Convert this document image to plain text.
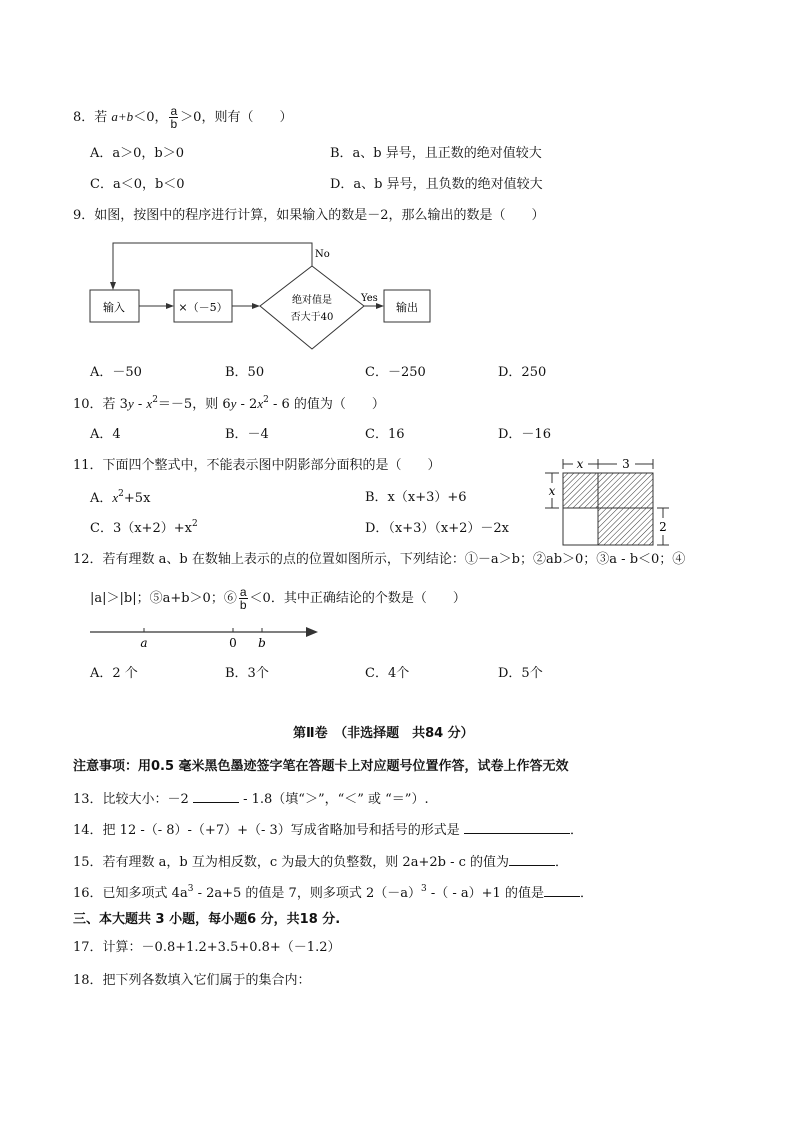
8．若 a+b＜0， $\frac{a}{b} >0$，则有（　　）
A．a＞0，b＞0	B．a、b 异号，且正数的绝对值较大
C．a＜0，b＜0	D．a、b 异号，且负数的绝对值较大
9．如图，按图中的程序进行计算，如果输入的数是－2，那么输出的数是（　　）
输入	×（－5）
绝对值是
否大于40
Yes
No
输出
A．－50	B．50	C．－250	D．250
10．若 $3y - x^2=-5$，则 $6y - 2x^2 - 6$ 的值为（　　）
A．4	B．－4	C．16	D．－16
11．下面四个整式中，不能表示图中阴影部分面积的是（　　）
A．$x^2+5x$	B．x（x+3）+6
C．$3(x+2)+x^2$	D．（x+3）（x+2）－2x
x	3
x
2
12．若有理数 a、b 在数轴上表示的点的位置如图所示，下列结论：①－a＞b；②ab＞0；③a - b＜0；④
|a|＞|b|；⑤a+b＞0；⑥ $\frac{a}{b} <0$．其中正确结论的个数是（　　）
a	0 b
A．2 个	B．3个	C．4个	D．5个
第Ⅱ卷　（非选择题　共84 分）
注意事项：用0.5 毫米黑色墨迹签字笔在答题卡上对应题号位置作答，试卷上作答无效
13．比较大小：－2	- 1.8（填“＞”，“＜” 或 “＝”）.
14．把 12 -（- 8）-（+7）+（- 3）写成省略加号和括号的形式是	．
15．若有理数 a，b 互为相反数，c 为最大的负整数，则 2a+2b - c 的值为	．
16．已知多项式 $4a^3 - 2a+5$ 的值是 7，则多项式 $2(-a)^3$ -（ - a）+1 的值是	．
三、本大题共 3 小题，每小题6 分，共18 分.
17．计算：－0.8+1.2+3.5+0.8+（－1.2）
18．把下列各数填入它们属于的集合内：
